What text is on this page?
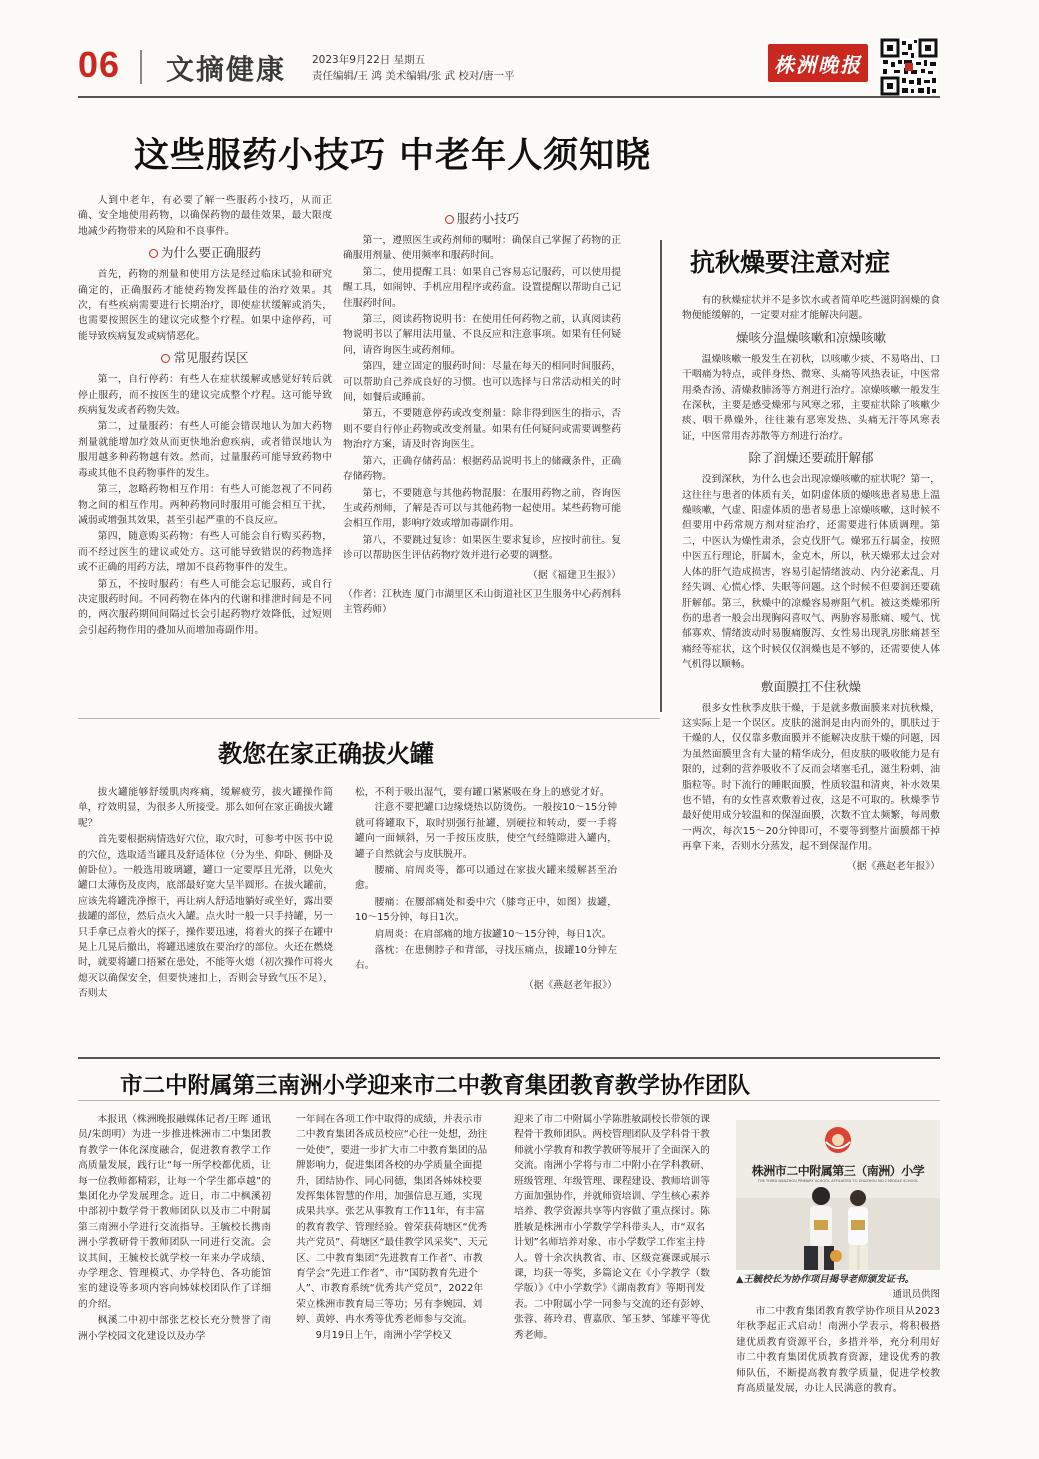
06 文摘健康 2023年9月22日 星期五
责任编辑/王 鸿 美术编辑/张 武 校对/唐一平	株洲晚报
这些服药小技巧 中老年人须知晓

人到中老年，有必要了解一些服药小技巧，从而正确、安全地使用药物，以确保药物的最佳效果，最大限度地减少药物带来的风险和不良事件。

为什么要正确服药

首先，药物的剂量和使用方法是经过临床试验和研究确定的，正确服药才能使药物发挥最佳的治疗效果。其次，有些疾病需要进行长期治疗，即使症状缓解或消失，也需要按照医生的建议完成整个疗程。如果中途停药，可能导致疾病复发或病情恶化。

常见服药误区

第一，自行停药：有些人在症状缓解或感觉好转后就停止服药，而不按医生的建议完成整个疗程。这可能导致疾病复发或者药物失效。

第二，过量服药：有些人可能会错误地认为加大药物剂量就能增加疗效从而更快地治愈疾病，或者错误地认为服用越多种药物越有效。然而，过量服药可能导致药物中毒或其他不良药物事件的发生。

第三，忽略药物相互作用：有些人可能忽视了不同药物之间的相互作用。两种药物同时服用可能会相互干扰，减弱或增强其效果，甚至引起严重的不良反应。

第四，随意购买药物：有些人可能会自行购买药物，而不经过医生的建议或处方。这可能导致错误的药物选择或不正确的用药方法，增加不良药物事件的发生。

第五，不按时服药：有些人可能会忘记服药，或自行决定服药时间。不同药物在体内的代谢和排泄时间是不同的，两次服药期间间隔过长会引起药物疗效降低，过短则会引起药物作用的叠加从而增加毒副作用。

服药小技巧

第一，遵照医生或药剂师的嘱咐：确保自己掌握了药物的正确服用剂量、使用频率和服药时间。

第二，使用提醒工具：如果自己容易忘记服药，可以使用提醒工具，如闹钟、手机应用程序或药盒。设置提醒以帮助自己记住服药时间。

第三，阅读药物说明书：在使用任何药物之前，认真阅读药物说明书以了解用法用量、不良反应和注意事项。如果有任何疑问，请咨询医生或药剂师。

第四，建立固定的服药时间：尽量在每天的相同时间服药，可以帮助自己养成良好的习惯。也可以选择与日常活动相关的时间，如餐后或睡前。

第五，不要随意停药或改变剂量：除非得到医生的指示，否则不要自行停止药物或改变剂量。如果有任何疑问或需要调整药物治疗方案，请及时咨询医生。

第六，正确存储药品：根据药品说明书上的储藏条件，正确存储药物。

第七，不要随意与其他药物混服：在服用药物之前，咨询医生或药剂师，了解是否可以与其他药物一起使用。某些药物可能会相互作用，影响疗效或增加毒副作用。

第八，不要跳过复诊：如果医生要求复诊，应按时前往。复诊可以帮助医生评估药物疗效并进行必要的调整。

（据《福建卫生报》）

（作者：江秋连 厦门市湖里区禾山街道社区卫生服务中心药剂科 主管药师）

抗秋燥要注意对症

有的秋燥症状并不是多饮水或者简单吃些滋阴润燥的食物便能缓解的，一定要对症才能解决问题。

燥咳分温燥咳嗽和凉燥咳嗽

温燥咳嗽一般发生在初秋，以咳嗽少痰、不易咯出、口干咽痛为特点，或伴身热、微寒、头痛等风热表证，中医常用桑杏汤、清燥救肺汤等方剂进行治疗。凉燥咳嗽一般发生在深秋，主要是感受燥邪与风寒之邪，主要症状除了咳嗽少痰、咽干鼻燥外，往往兼有恶寒发热、头痛无汗等风寒表证，中医常用杏苏散等方剂进行治疗。

除了润燥还要疏肝解郁

没到深秋，为什么也会出现凉燥咳嗽的症状呢？第一，这往往与患者的体质有关，如阴虚体质的燥咳患者易患上温燥咳嗽，气虚、阳虚体质的患者易患上凉燥咳嗽，这时候不但要用中药常规方剂对症治疗，还需要进行体质调理。第二，中医认为燥性肃杀，会克伐肝气。燥邪五行属金，按照中医五行理论，肝属木，金克木，所以，秋天燥邪太过会对人体的肝气造成损害，容易引起情绪波动、内分泌紊乱、月经失调、心慌心悸、失眠等问题。这个时候不但要润还要疏肝解郁。第三，秋燥中的凉燥容易痹阻气机。被这类燥邪所伤的患者一般会出现胸闷喜叹气、两胁容易胀痛、嗳气、忧郁寡欢、情绪波动时易腹痛腹泻、女性易出现乳房胀痛甚至痛经等症状，这个时候仅仅润燥也是不够的，还需要使人体气机得以顺畅。

敷面膜扛不住秋燥

很多女性秋季皮肤干燥，于是就多敷面膜来对抗秋燥，这实际上是一个误区。皮肤的滋润是由内而外的，肌肤过于干燥的人，仅仅靠多敷面膜并不能解决皮肤干燥的问题，因为虽然面膜里含有大量的精华成分，但皮肤的吸收能力是有限的，过剩的营养吸收不了反而会堵塞毛孔，滋生粉刺、油脂粒等。时下流行的睡眠面膜，性质较温和清爽，补水效果也不错，有的女性喜欢敷着过夜，这是不可取的。秋燥季节最好使用成分较温和的保湿面膜，次数不宜太频繁，每周敷一两次，每次15～20分钟即可，不要等到整片面膜都干掉再拿下来，否则水分蒸发，起不到保湿作用。

（据《燕赵老年报》）
教您在家正确拔火罐

拔火罐能够舒缓肌肉疼痛，缓解疲劳，拔火罐操作简单，疗效明显，为很多人所接受。那么如何在家正确拔火罐呢？

首先要根据病情选好穴位，取穴时，可参考中医书中说的穴位，选取适当罐具及舒适体位（分为坐、仰卧、侧卧及俯卧位）。一般选用玻璃罐，罐口一定要厚且光滑，以免火罐口太薄伤及皮肉，底部最好宽大呈半圆形。在拔火罐前，应该先将罐洗净擦干，再让病人舒适地躺好或坐好，露出要拔罐的部位，然后点火入罐。点火时一般一只手持罐，另一只手拿已点着火的探子，操作要迅速，将着火的探子在罐中晃上几晃后撤出，将罐迅速放在要治疗的部位。火还在燃烧时，就要将罐口捂紧在患处，不能等火熄（初次操作可将火熄灭以确保安全，但要快速扣上，否则会导致气压不足），否则太

松，不利于吸出湿气，要有罐口紧紧吸在身上的感觉才好。

注意不要把罐口边缘烧热以防烫伤。一般按10～15分钟就可将罐取下，取时别强行扯罐，别硬拉和转动，要一手将罐向一面倾斜，另一手按压皮肤，使空气经缝隙进入罐内，罐子自然就会与皮肤脱开。

腰痛、肩周炎等，都可以通过在家拔火罐来缓解甚至治愈。

腰痛：在腰部痛处和委中穴（膝弯正中，如图）拔罐，10～15分钟，每日1次。

肩周炎：在肩部痛的地方拔罐10～15分钟，每日1次。

落枕：在患侧脖子和背部，寻找压痛点，拔罐10分钟左右。

（据《燕赵老年报》）
市二中附属第三南洲小学迎来市二中教育集团教育教学协作团队

本报讯（株洲晚报融媒体记者/王晖 通讯员/朱朗明）为进一步推进株洲市二中集团教育教学一体化深度融合，促进教育教学工作高质量发展，践行让“每一所学校都优质，让每一位教师都精彩，让每一个学生都卓越”的集团化办学发展理念。近日，市二中枫溪初中部初中数学骨干教师团队以及市二中附属第三南洲小学进行交流指导。王毓校长携南洲小学教研骨干教师团队一同进行交流。会议其间，王毓校长就学校一年来办学成绩、办学理念、管理模式、办学特色、各功能馆室的建设等多项内容向姊妹校团队作了详细的介绍。

枫溪二中初中部张艺校长充分赞誉了南洲小学校园文化建设以及办学

一年间在各项工作中取得的成绩，并表示市二中教育集团各成员校应“心往一处想，劲往一处使”，要进一步扩大市二中教育集团的品牌影响力，促进集团各校的办学质量全面提升，团结协作、同心同德，集团各姊妹校要发挥集体智慧的作用，加强信息互通，实现成果共享。张艺从事教育工作11年，有丰富的教育教学、管理经验。曾荣获荷塘区“优秀共产党员”、荷塘区“最佳教学风采奖”、天元区、二中教育集团“先进教育工作者”、市教育学会“先进工作者”、市“国防教育先进个人”、市教育系统“优秀共产党员”，2022年荣立株洲市教育局三等功；另有李婉园、刘婷、黄婷、冉水秀等优秀老师参与交流。

9月19日上午，南洲小学学校又

迎来了市二中附属小学陈胜敏副校长带领的课程骨干教师团队。两校管理团队及学科骨干教师就小学教育和教学教研等展开了全面深入的交流。南洲小学将与市二中附小在学科教研、班级管理、年级管理、课程建设、教师培训等方面加强协作，并就师资培训、学生核心素养培养、教学资源共享等内容做了重点探讨。陈胜敏是株洲市小学数学学科带头人，市“双名计划”名师培养对象、市小学数学工作室主持人。曾十余次执教省、市、区级竞赛课或展示课，均获一等奖，多篇论文在《小学教学（数学版）》《中小学数学》《湖南教育》等期刊发表。二中附属小学一同参与交流的还有彭婷、张蓉、蒋玲君、曹嘉欣、邹玉梦、邹雄平等优秀老师。

株洲市二中附属第三（南洲）小学
THE THIRD NANZHOU PRIMARY SCHOOL AFFILIATED TO ZHUZHOU NO.2 MIDDLE SCHOOL

▲王毓校长为协作项目揭导老师颁发证书。

通讯员供图

市二中教育集团教育教学协作项目从2023年秋季起正式启动！南洲小学表示，将积极搭建优质教育资源平台，多措并举，充分利用好市二中教育集团优质教育资源，建设优秀的教师队伍，不断提高教育教学质量，促进学校教育高质量发展，办让人民满意的教育。
